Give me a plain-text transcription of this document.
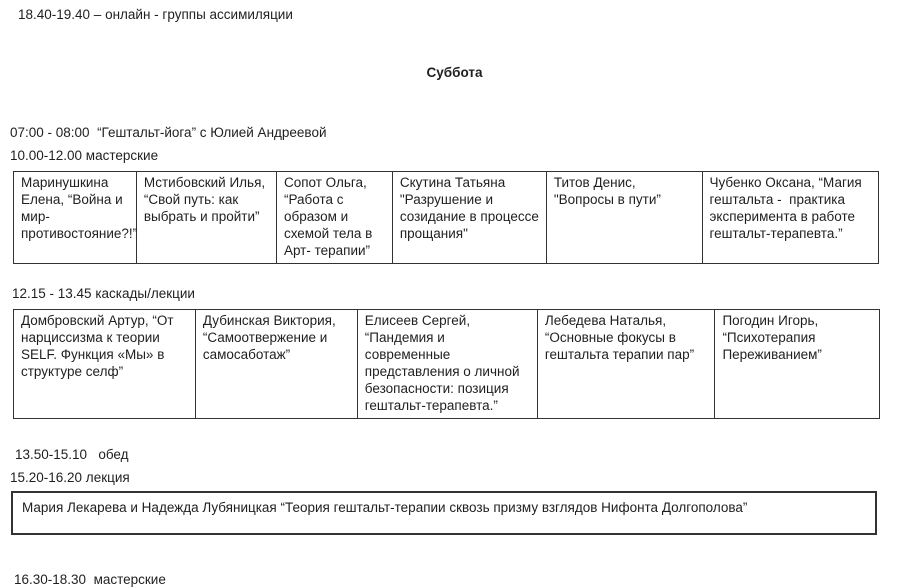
18.40-19.40 – онлайн - группы ассимиляции

Суббота

07:00 - 08:00  “Гештальт-йога” с Юлией Андреевой

10.00-12.00 мастерские

Маринушкина Елена, “Война и мир-противостояние?!”	Мстибовский Илья, “Свой путь: как выбрать и пройти”	Сопот Ольга, “Работа с образом и схемой тела в Арт- терапии”	Скутина Татьяна "Разрушение и созидание в процессе прощания"	Титов Денис, "Вопросы в пути”	Чубенко Оксана, “Магия гештальта -  практика эксперимента в работе гештальт-терапевта.”

12.15 - 13.45 каскады/лекции

Домбровский Артур, “От нарциссизма к теории SELF. Функция «Мы» в структуре селф”	Дубинская Виктория, “Самоотвержение и самосаботаж”	Елисеев Сергей, “Пандемия и современные представления о личной безопасности: позиция гештальт-терапевта.”	Лебедева Наталья, “Основные фокусы в гештальта терапии пар”	Погодин Игорь, “Психотерапия Переживанием”

13.50-15.10   обед

15.20-16.20 лекция

Мария Лекарева и Надежда Лубяницкая “Теория гештальт-терапии сквозь призму взглядов Нифонта Долгополова”

16.30-18.30  мастерские
